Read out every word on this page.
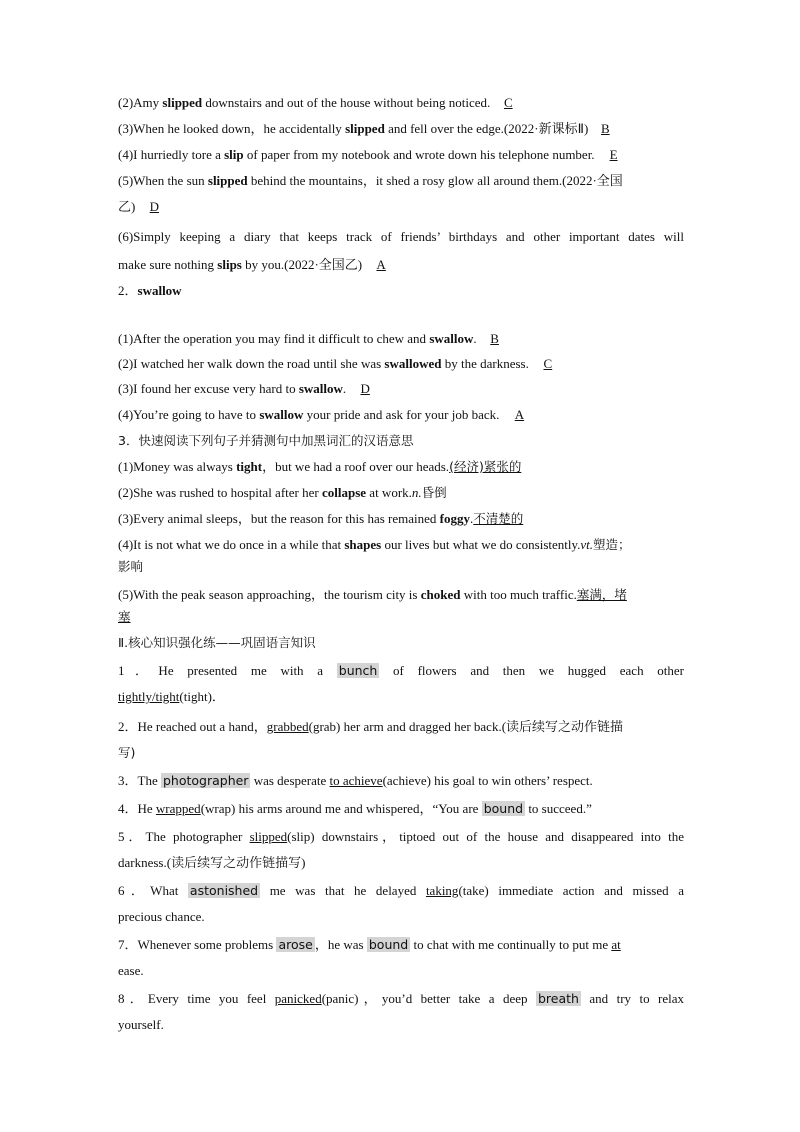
(2)Amy slipped downstairs and out of the house without being noticed. C
(3)When he looked down，he accidentally slipped and fell over the edge.(2022·新课标Ⅱ) B
(4)I hurriedly tore a slip of paper from my notebook and wrote down his telephone number. E
(5)When the sun slipped behind the mountains，it shed a rosy glow all around them.(2022·全国
乙) D
(6)Simply keeping a diary that keeps track of friends’ birthdays and other important dates will
make sure nothing slips by you.(2022·全国乙) A
2．swallow
(1)After the operation you may find it difficult to chew and swallow. B
(2)I watched her walk down the road until she was swallowed by the darkness. C
(3)I found her excuse very hard to swallow. D
(4)You’re going to have to swallow your pride and ask for your job back. A
3．快速阅读下列句子并猜测句中加黑词汇的汉语意思
(1)Money was always tight，but we had a roof over our heads.(经济)紧张的
(2)She was rushed to hospital after her collapse at work.n.昏倒
(3)Every animal sleeps，but the reason for this has remained foggy.不清楚的
(4)It is not what we do once in a while that shapes our lives but what we do consistently.vt.塑造；
影响
(5)With the peak season approaching，the tourism city is choked with too much traffic.塞满，堵
塞
Ⅱ.核心知识强化练——巩固语言知识
1．He presented me with a bunch of flowers and then we hugged each other
tightly/tight(tight)．
2．He reached out a hand，grabbed(grab) her arm and dragged her back.(读后续写之动作链描
写)
3．The photographer was desperate to achieve(achieve) his goal to win others’ respect.
4．He wrapped(wrap) his arms around me and whispered，“You are bound to succeed.”
5．The photographer slipped(slip) downstairs，tiptoed out of the house and disappeared into the
darkness.(读后续写之动作链描写)
6．What astonished me was that he delayed taking(take) immediate action and missed a
precious chance.
7．Whenever some problems arose ，he was bound to chat with me continually to put me at
ease.
8．Every time you feel panicked(panic)，you’d better take a deep breath and try to relax
yourself.
